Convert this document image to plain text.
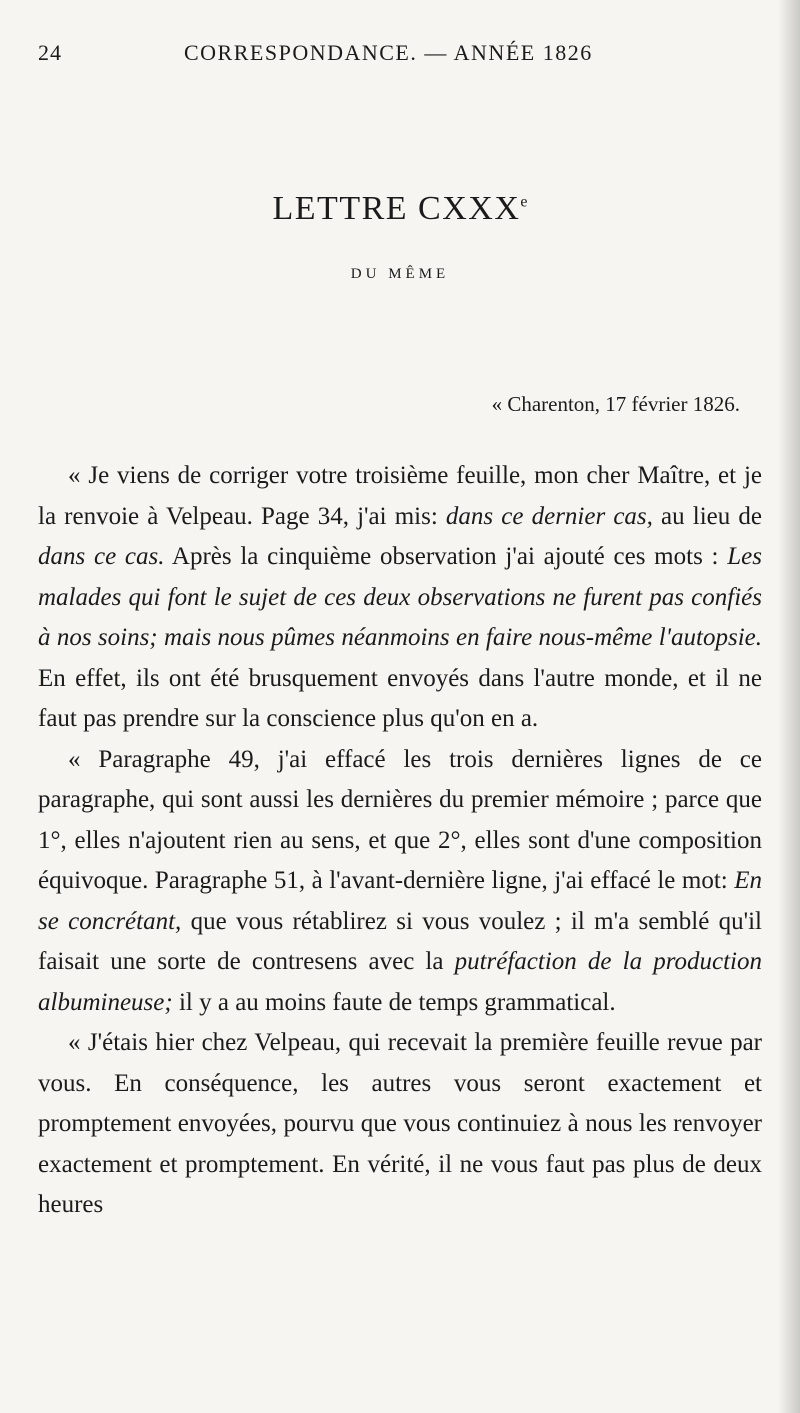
24	CORRESPONDANCE. — ANNÉE 1826
LETTRE CXXXe
DU MÊME
« Charenton, 17 février 1826.

« Je viens de corriger votre troisième feuille, mon cher Maître, et je la renvoie à Velpeau. Page 34, j'ai mis: dans ce dernier cas, au lieu de dans ce cas. Après la cinquième observation j'ai ajouté ces mots : Les malades qui font le sujet de ces deux observations ne furent pas confiés à nos soins; mais nous pûmes néanmoins en faire nous-même l'autopsie. En effet, ils ont été brusquement envoyés dans l'autre monde, et il ne faut pas prendre sur la conscience plus qu'on en a.

« Paragraphe 49, j'ai effacé les trois dernières lignes de ce paragraphe, qui sont aussi les dernières du premier mémoire ; parce que 1°, elles n'ajoutent rien au sens, et que 2°, elles sont d'une composition équivoque. Paragraphe 51, à l'avant-dernière ligne, j'ai effacé le mot: En se concrétant, que vous rétablirez si vous voulez ; il m'a semblé qu'il faisait une sorte de contresens avec la putréfaction de la production albumineuse; il y a au moins faute de temps grammatical.

« J'étais hier chez Velpeau, qui recevait la première feuille revue par vous. En conséquence, les autres vous seront exactement et promptement envoyées, pourvu que vous continuiez à nous les renvoyer exactement et promptement. En vérité, il ne vous faut pas plus de deux heures
